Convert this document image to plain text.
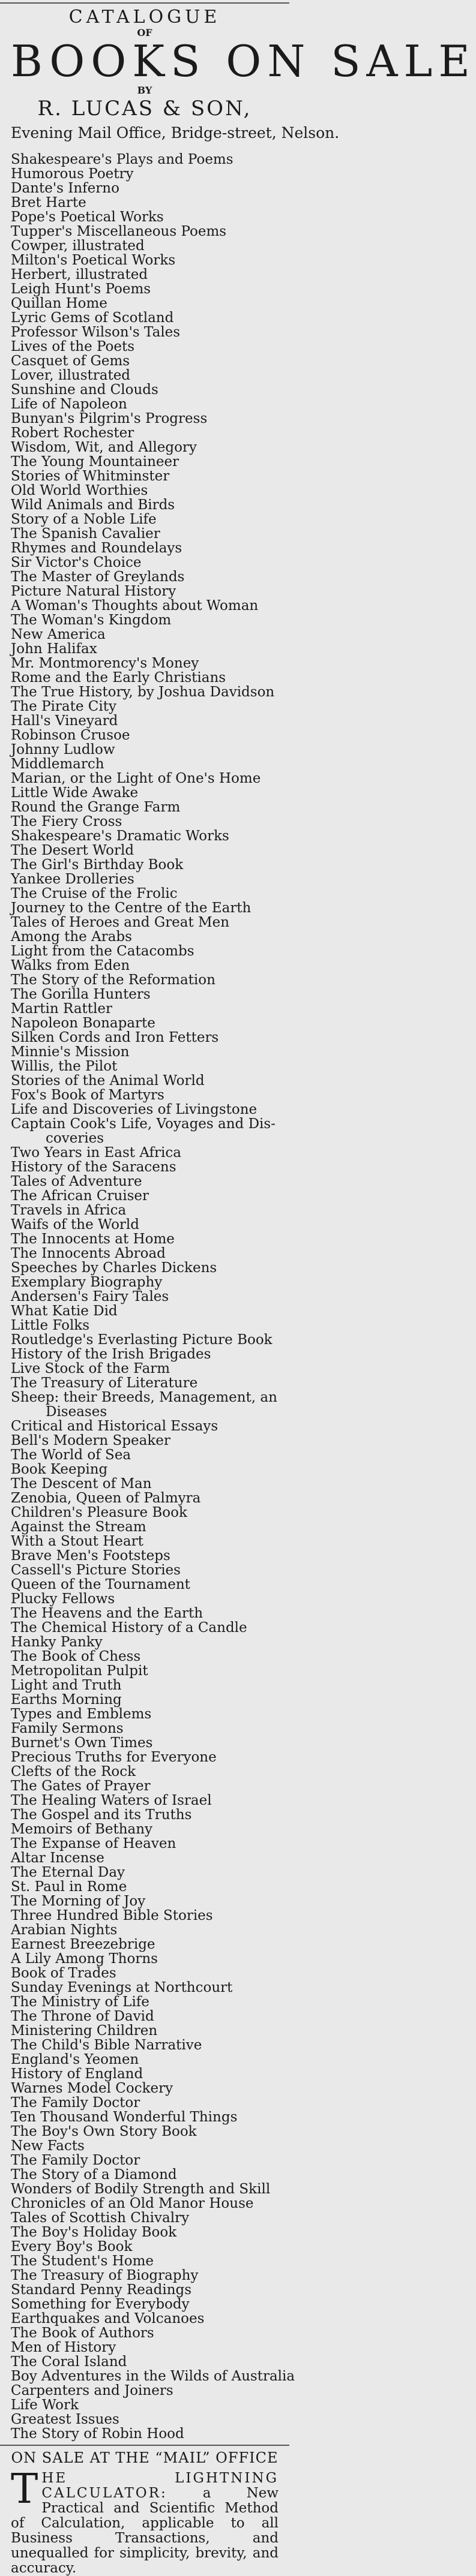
CATALOGUE
OF
BOOKS ON SALE
BY
R. LUCAS & SON,
Evening Mail Office, Bridge-street, Nelson.
Shakespeare's Plays and Poems
Humorous Poetry
Dante's Inferno
Bret Harte
Pope's Poetical Works
Tupper's Miscellaneous Poems
Cowper, illustrated
Milton's Poetical Works
Herbert, illustrated
Leigh Hunt's Poems
Quillan Home
Lyric Gems of Scotland
Professor Wilson's Tales
Lives of the Poets
Casquet of Gems
Lover, illustrated
Sunshine and Clouds
Life of Napoleon
Bunyan's Pilgrim's Progress
Robert Rochester
Wisdom, Wit, and Allegory
The Young Mountaineer
Stories of Whitminster
Old World Worthies
Wild Animals and Birds
Story of a Noble Life
The Spanish Cavalier
Rhymes and Roundelays
Sir Victor's Choice
The Master of Greylands
Picture Natural History
A Woman's Thoughts about Woman
The Woman's Kingdom
New America
John Halifax
Mr. Montmorency's Money
Rome and the Early Christians
The True History, by Joshua Davidson
The Pirate City
Hall's Vineyard
Robinson Crusoe
Johnny Ludlow
Middlemarch
Marian, or the Light of One's Home
Little Wide Awake
Round the Grange Farm
The Fiery Cross
Shakespeare's Dramatic Works
The Desert World
The Girl's Birthday Book
Yankee Drolleries
The Cruise of the Frolic
Journey to the Centre of the Earth
Tales of Heroes and Great Men
Among the Arabs
Light from the Catacombs
Walks from Eden
The Story of the Reformation
The Gorilla Hunters
Martin Rattler
Napoleon Bonaparte
Silken Cords and Iron Fetters
Minnie's Mission
Willis, the Pilot
Stories of the Animal World
Fox's Book of Martyrs
Life and Discoveries of Livingstone
Captain Cook's Life, Voyages and Dis-
coveries
Two Years in East Africa
History of the Saracens
Tales of Adventure
The African Cruiser
Travels in Africa
Waifs of the World
The Innocents at Home
The Innocents Abroad
Speeches by Charles Dickens
Exemplary Biography
Andersen's Fairy Tales
What Katie Did
Little Folks
Routledge's Everlasting Picture Book
History of the Irish Brigades
Live Stock of the Farm
The Treasury of Literature
Sheep: their Breeds, Management, an
Diseases
Critical and Historical Essays
Bell's Modern Speaker
The World of Sea
Book Keeping
The Descent of Man
Zenobia, Queen of Palmyra
Children's Pleasure Book
Against the Stream
With a Stout Heart
Brave Men's Footsteps
Cassell's Picture Stories
Queen of the Tournament
Plucky Fellows
The Heavens and the Earth
The Chemical History of a Candle
Hanky Panky
The Book of Chess
Metropolitan Pulpit
Light and Truth
Earths Morning
Types and Emblems
Family Sermons
Burnet's Own Times
Precious Truths for Everyone
Clefts of the Rock
The Gates of Prayer
The Healing Waters of Israel
The Gospel and its Truths
Memoirs of Bethany
The Expanse of Heaven
Altar Incense
The Eternal Day
St. Paul in Rome
The Morning of Joy
Three Hundred Bible Stories
Arabian Nights
Earnest Breezebrige
A Lily Among Thorns
Book of Trades
Sunday Evenings at Northcourt
The Ministry of Life
The Throne of David
Ministering Children
The Child's Bible Narrative
England's Yeomen
History of England
Warnes Model Cockery
The Family Doctor
Ten Thousand Wonderful Things
The Boy's Own Story Book
New Facts
The Family Doctor
The Story of a Diamond
Wonders of Bodily Strength and Skill
Chronicles of an Old Manor House
Tales of Scottish Chivalry
The Boy's Holiday Book
Every Boy's Book
The Student's Home
The Treasury of Biography
Standard Penny Readings
Something for Everybody
Earthquakes and Volcanoes
The Book of Authors
Men of History
The Coral Island
Boy Adventures in the Wilds of Australia
Carpenters and Joiners
Life Work
Greatest Issues
The Story of Robin Hood
ON SALE AT THE “MAIL” OFFICE
THE LIGHTNING CALCULATOR: a New Practical and Scientific Method of Calculation, applicable to all Business Transactions, and unequalled for simplicity, brevity, and accuracy.
